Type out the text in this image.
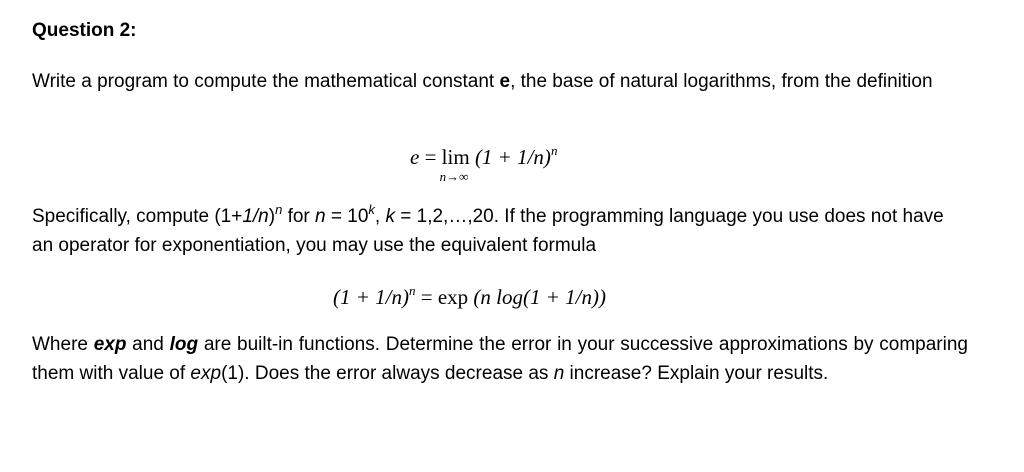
Question 2:

Write a program to compute the mathematical constant e, the base of natural logarithms, from the definition

e = lim
n→∞
$(1 + 1/n)^n$

Specifically, compute $(1+1/n)^n$ for $n = 10^k$, k = 1,2,…,20. If the programming language you use does not have an operator for exponentiation, you may use the equivalent formula

$(1 + 1/n)^n = \exp (n$ log(1 + 1/n))

Where exp and log are built-in functions. Determine the error in your successive approximations by comparing them with value of exp(1). Does the error always decrease as n increase? Explain your results.
